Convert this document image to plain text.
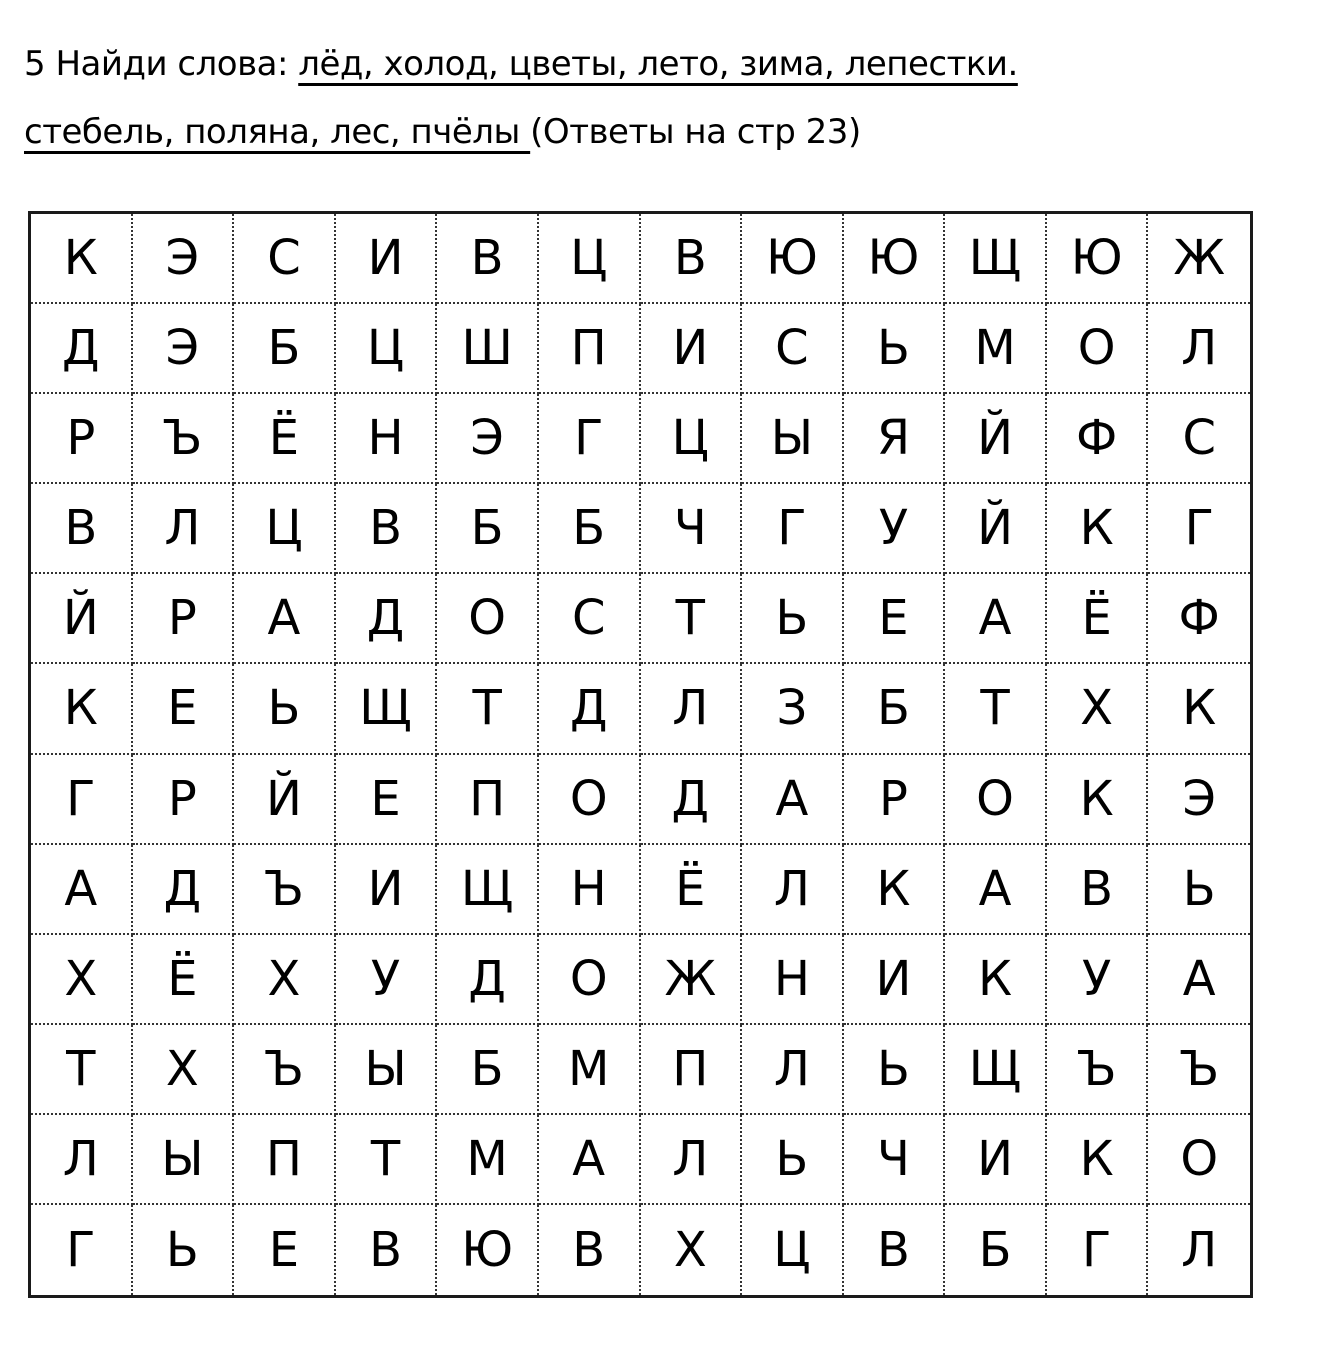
5 Найди слова: лёд, холод, цветы, лето, зима, лепестки.
стебель, поляна, лес, пчёлы (Ответы на стр 23)
К	Э	С	И	В	Ц	В	Ю	Ю	Щ	Ю	Ж
Д	Э	Б	Ц	Ш	П	И	С	Ь	М	О	Л
Р	Ъ	Ё	Н	Э	Г	Ц	Ы	Я	Й	Ф	С
В	Л	Ц	В	Б	Б	Ч	Г	У	Й	К	Г
Й	Р	А	Д	О	С	Т	Ь	Е	А	Ё	Ф
К	Е	Ь	Щ	Т	Д	Л	З	Б	Т	Х	К
Г	Р	Й	Е	П	О	Д	А	Р	О	К	Э
А	Д	Ъ	И	Щ	Н	Ё	Л	К	А	В	Ь
Х	Ё	Х	У	Д	О	Ж	Н	И	К	У	А
Т	Х	Ъ	Ы	Б	М	П	Л	Ь	Щ	Ъ	Ъ
Л	Ы	П	Т	М	А	Л	Ь	Ч	И	К	О
Г	Ь	Е	В	Ю	В	Х	Ц	В	Б	Г	Л
